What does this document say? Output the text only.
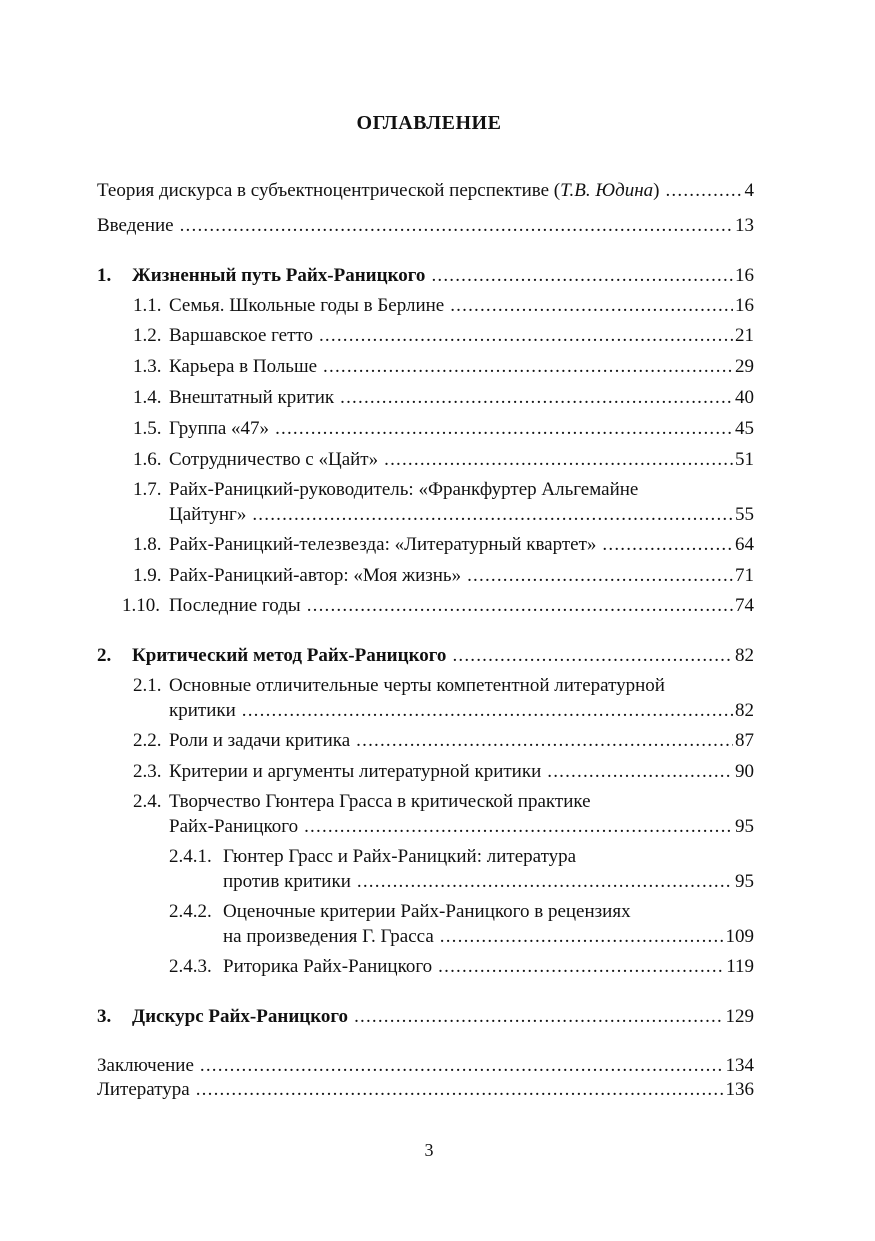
ОГЛАВЛЕНИЕ
Теория дискурса в субъектноцентрической перспективе (Т.В. Юдина) .....	4
Введение .....	13
1.	Жизненный путь Райх-Раницкого .....	16
1.1. Семья. Школьные годы в Берлине .....	16
1.2. Варшавское гетто .....	21
1.3. Карьера в Польше .....	29
1.4. Внештатный критик .....	40
1.5. Группа «47» .....	45
1.6. Сотрудничество с «Цайт» .....	51
1.7. Райх-Раницкий-руководитель: «Франкфуртер Альгемайне
Цайтунг» .....	55
1.8. Райх-Раницкий-телезвезда: «Литературный квартет» .....	64
1.9. Райх-Раницкий-автор: «Моя жизнь» .....	71
1.10. Последние годы .....	74
2.	Критический метод Райх-Раницкого .....	82
2.1. Основные отличительные черты компетентной литературной
критики .....	82
2.2. Роли и задачи критика .....	87
2.3. Критерии и аргументы литературной критики .....	90
2.4. Творчество Гюнтера Грасса в критической практике
Райх-Раницкого .....	95
2.4.1. Гюнтер Грасс и Райх-Раницкий: литература
против критики .....	95
2.4.2. Оценочные критерии Райх-Раницкого в рецензиях
на произведения Г. Грасса .....	109
2.4.3. Риторика Райх-Раницкого .....	119
3.	Дискурс Райх-Раницкого .....	129
Заключение .....	134
Литература .....	136
3
